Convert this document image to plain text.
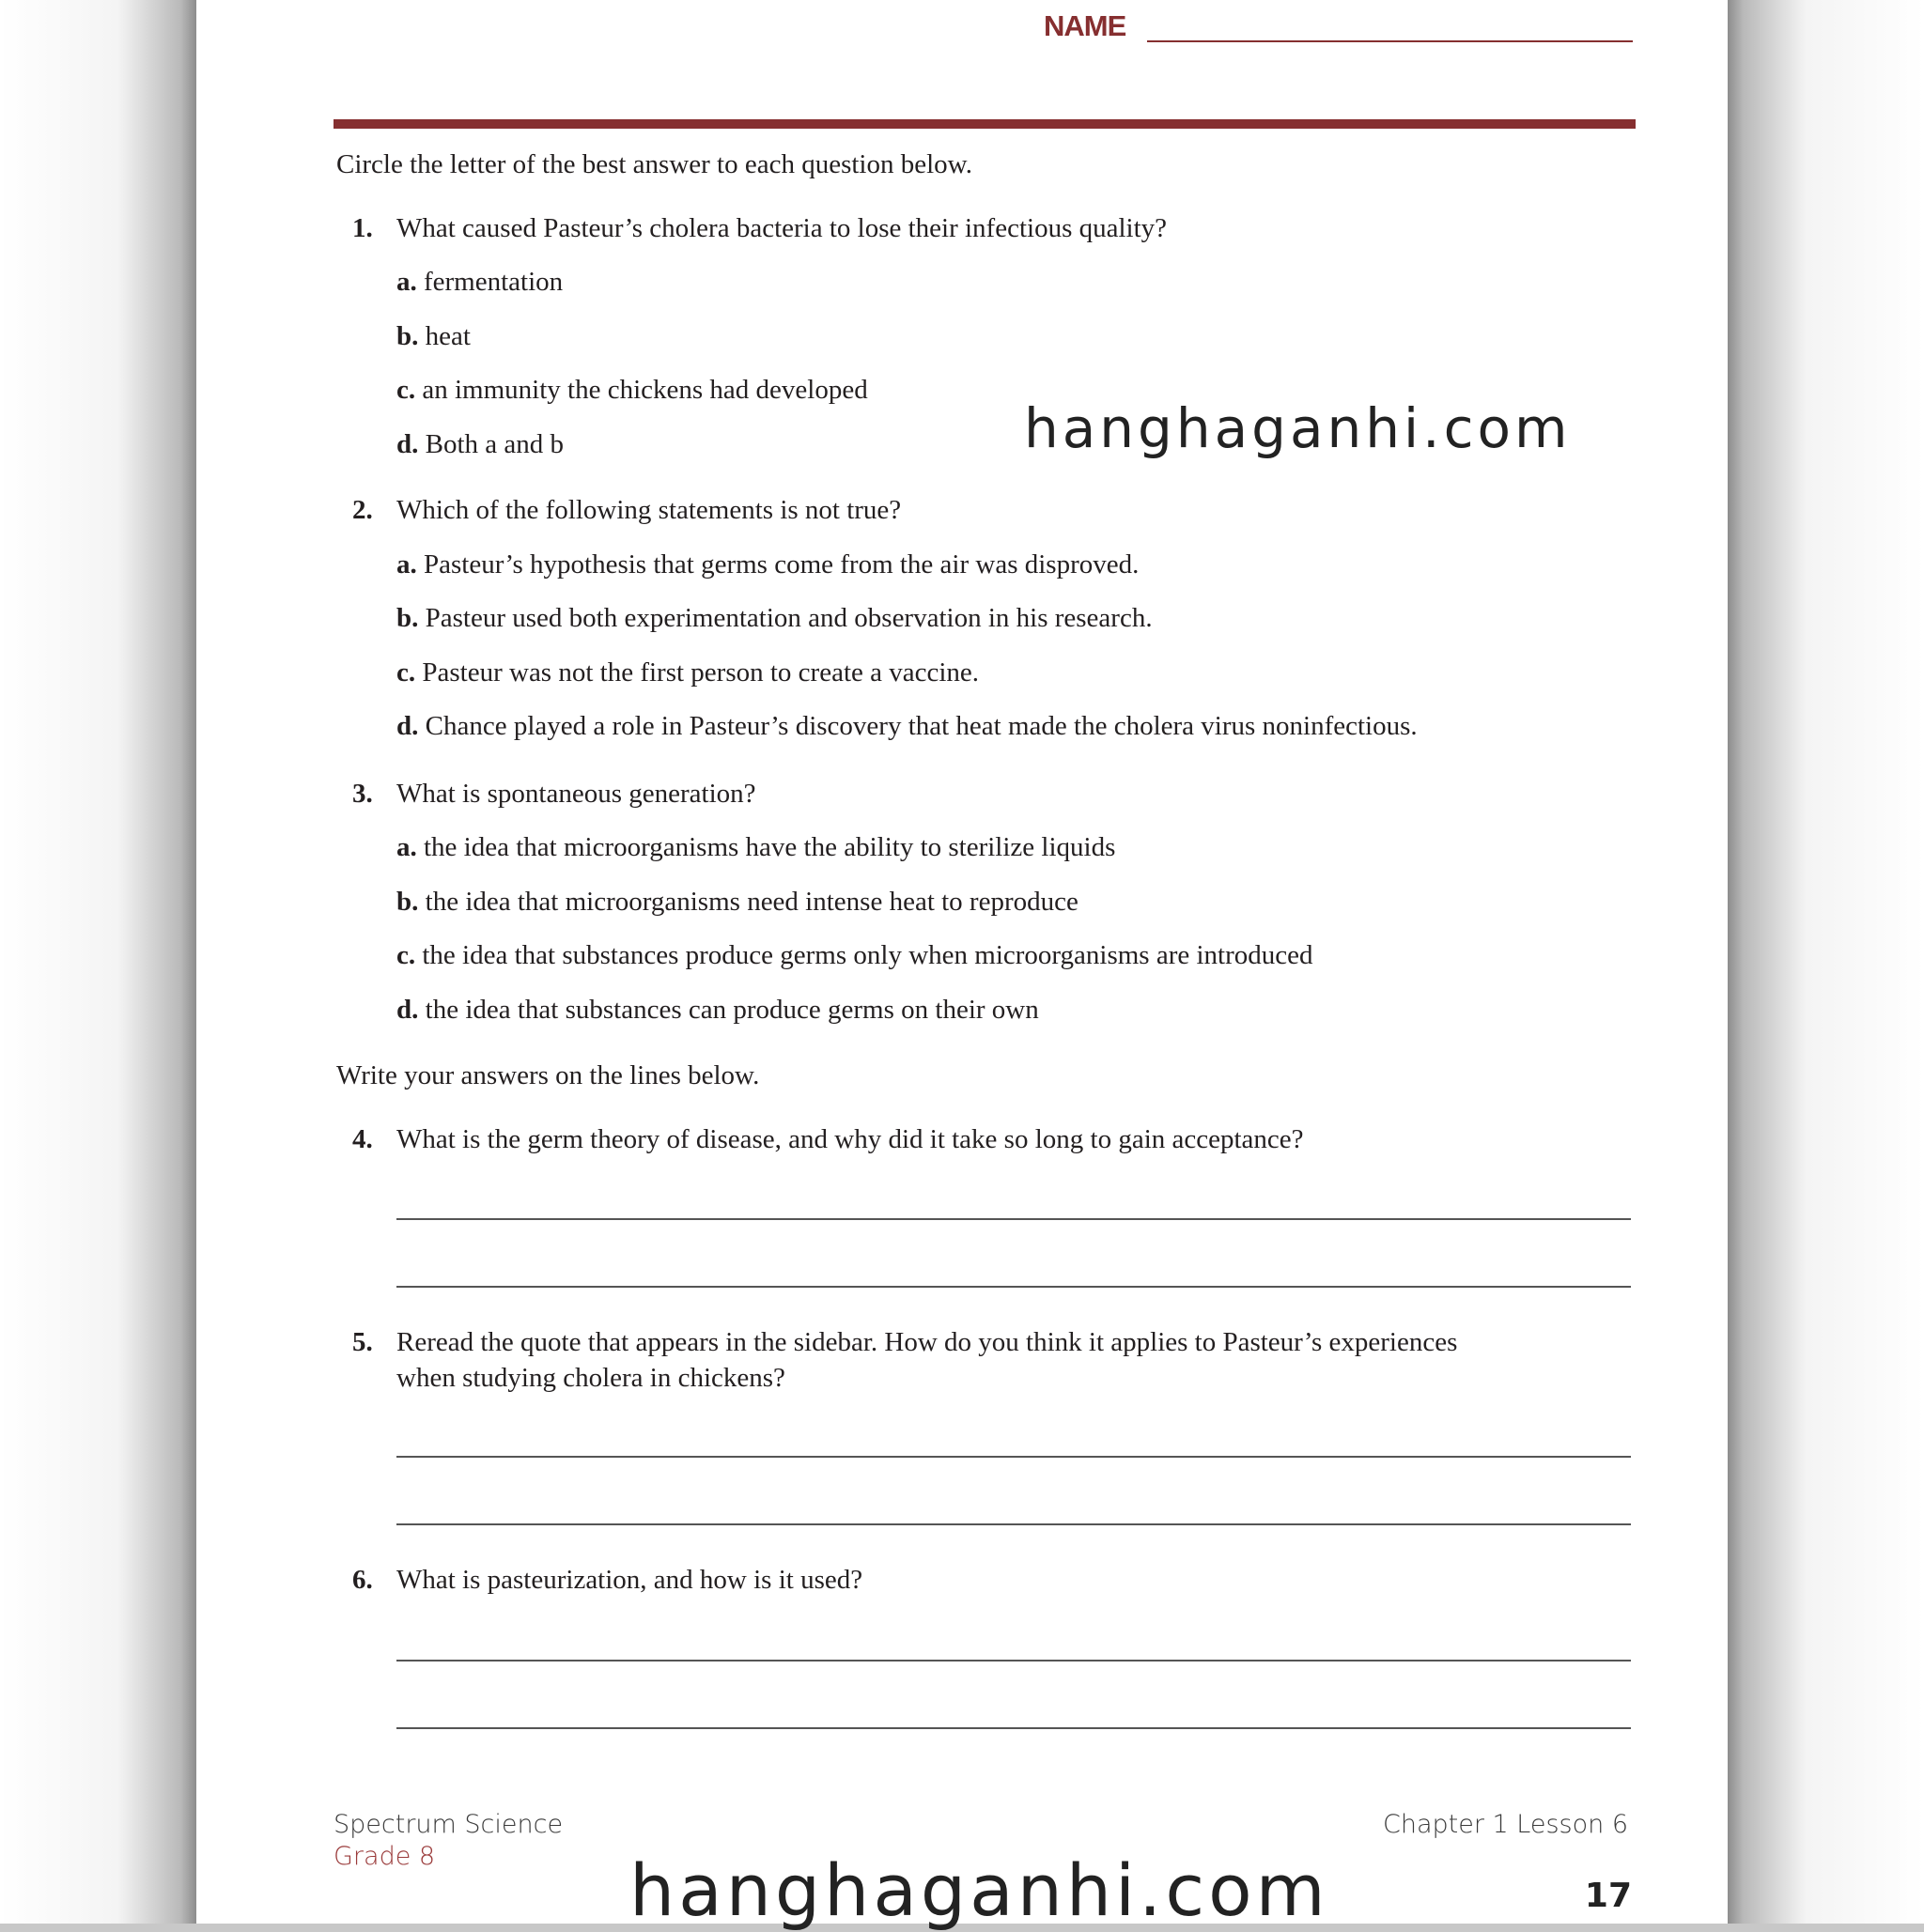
NAME
Circle the letter of the best answer to each question below.
1. What caused Pasteur’s cholera bacteria to lose their infectious quality?
a. fermentation
b. heat
c. an immunity the chickens had developed
d. Both a and b
2. Which of the following statements is not true?
a. Pasteur’s hypothesis that germs come from the air was disproved.
b. Pasteur used both experimentation and observation in his research.
c. Pasteur was not the first person to create a vaccine.
d. Chance played a role in Pasteur’s discovery that heat made the cholera virus noninfectious.
3. What is spontaneous generation?
a. the idea that microorganisms have the ability to sterilize liquids
b. the idea that microorganisms need intense heat to reproduce
c. the idea that substances produce germs only when microorganisms are introduced
d. the idea that substances can produce germs on their own
Write your answers on the lines below.
4. What is the germ theory of disease, and why did it take so long to gain acceptance?
5. Reread the quote that appears in the sidebar. How do you think it applies to Pasteur’s experiences
when studying cholera in chickens?
6. What is pasteurization, and how is it used?
Spectrum Science
Grade 8
Chapter 1 Lesson 6
17
hanghaganhi.com
hanghaganhi.com
